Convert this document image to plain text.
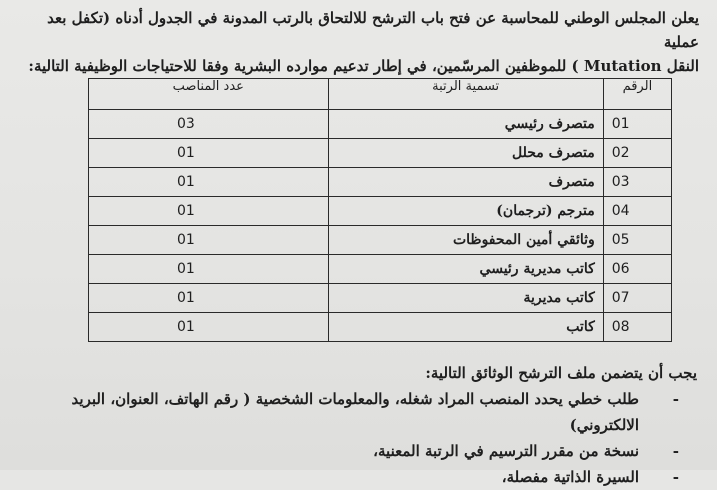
يعلن المجلس الوطني للمحاسبة عن فتح باب الترشح للالتحاق بالرتب المدونة في الجدول أدناه (تكفل بعد عملية

النقل Mutation ) للموظفين المرسّمين، في إطار تدعيم موارده البشرية وفقا للاحتياجات الوظيفية التالية:

الرقم	تسمية الرتبة	عدد المناصب
01	متصرف رئيسي	03
02	متصرف محلل	01
03	متصرف	01
04	مترجم (ترجمان)	01
05	وثائقي أمين المحفوظات	01
06	كاتب مديرية رئيسي	01
07	كاتب مديرية	01
08	كاتب	01

يجب أن يتضمن ملف الترشح الوثائق التالية:

-
طلب خطي يحدد المنصب المراد شغله، والمعلومات الشخصية ( رقم الهاتف، العنوان، البريد الالكتروني)
-
نسخة من مقرر الترسيم في الرتبة المعنية،
-
السيرة الذاتية مفصلة،
